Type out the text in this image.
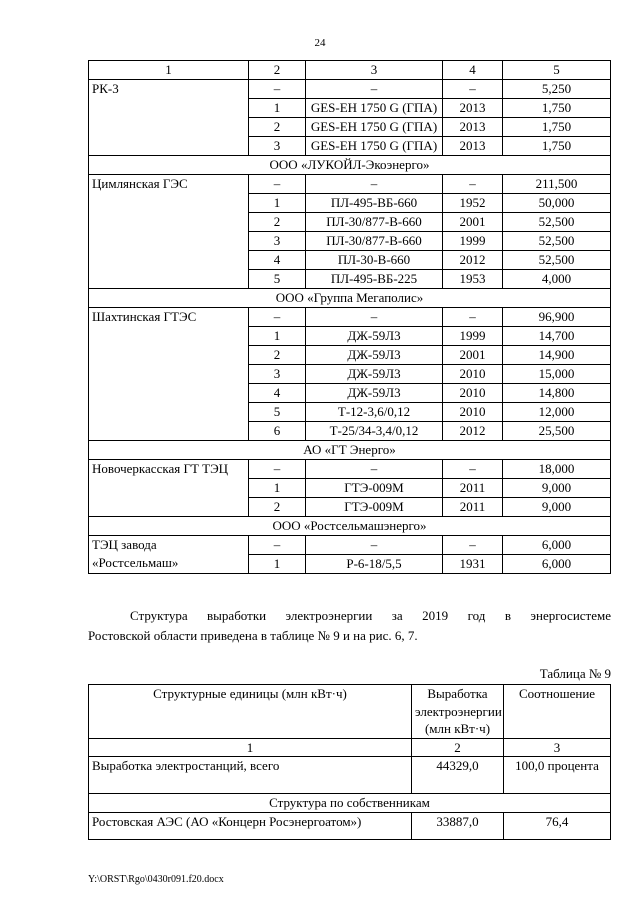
24
1	2	3	4	5
РК-3	–	–	–	5,250
	1	GES-EH 1750 G (ГПА)	2013	1,750
	2	GES-EH 1750 G (ГПА)	2013	1,750
	3	GES-EH 1750 G (ГПА)	2013	1,750
ООО «ЛУКОЙЛ-Экоэнерго»				
Цимлянская ГЭС	–	–	–	211,500
	1	ПЛ-495-ВБ-660	1952	50,000
	2	ПЛ-30/877-В-660	2001	52,500
	3	ПЛ-30/877-В-660	1999	52,500
	4	ПЛ-30-В-660	2012	52,500
	5	ПЛ-495-ВБ-225	1953	4,000
ООО «Группа Мегаполис»				
Шахтинская ГТЭС	–	–	–	96,900
	1	ДЖ-59Л3	1999	14,700
	2	ДЖ-59Л3	2001	14,900
	3	ДЖ-59Л3	2010	15,000
	4	ДЖ-59Л3	2010	14,800
	5	Т-12-3,6/0,12	2010	12,000
	6	Т-25/34-3,4/0,12	2012	25,500
АО «ГТ Энерго»				
Новочеркасская ГТ ТЭЦ	–	–	–	18,000
	1	ГТЭ-009М	2011	9,000
	2	ГТЭ-009М	2011	9,000
ООО «Ростсельмашэнерго»				
ТЭЦ завода «Ростсельмаш»	–	–	–	6,000
	1	Р-6-18/5,5	1931	6,000
Структура выработки электроэнергии за 2019 год в энергосистеме
Ростовской области приведена в таблице № 9 и на рис. 6, 7.
Таблица № 9
Структурные единицы (млн кВт·ч)	Выработка электроэнергии (млн кВт·ч)	Соотношение
1	2	3
Выработка электростанций, всего	44329,0	100,0 процента
Структура по собственникам		
Ростовская АЭС (АО «Концерн Росэнергоатом»)	33887,0	76,4
Y:\ORST\Rgo\0430r091.f20.docx
